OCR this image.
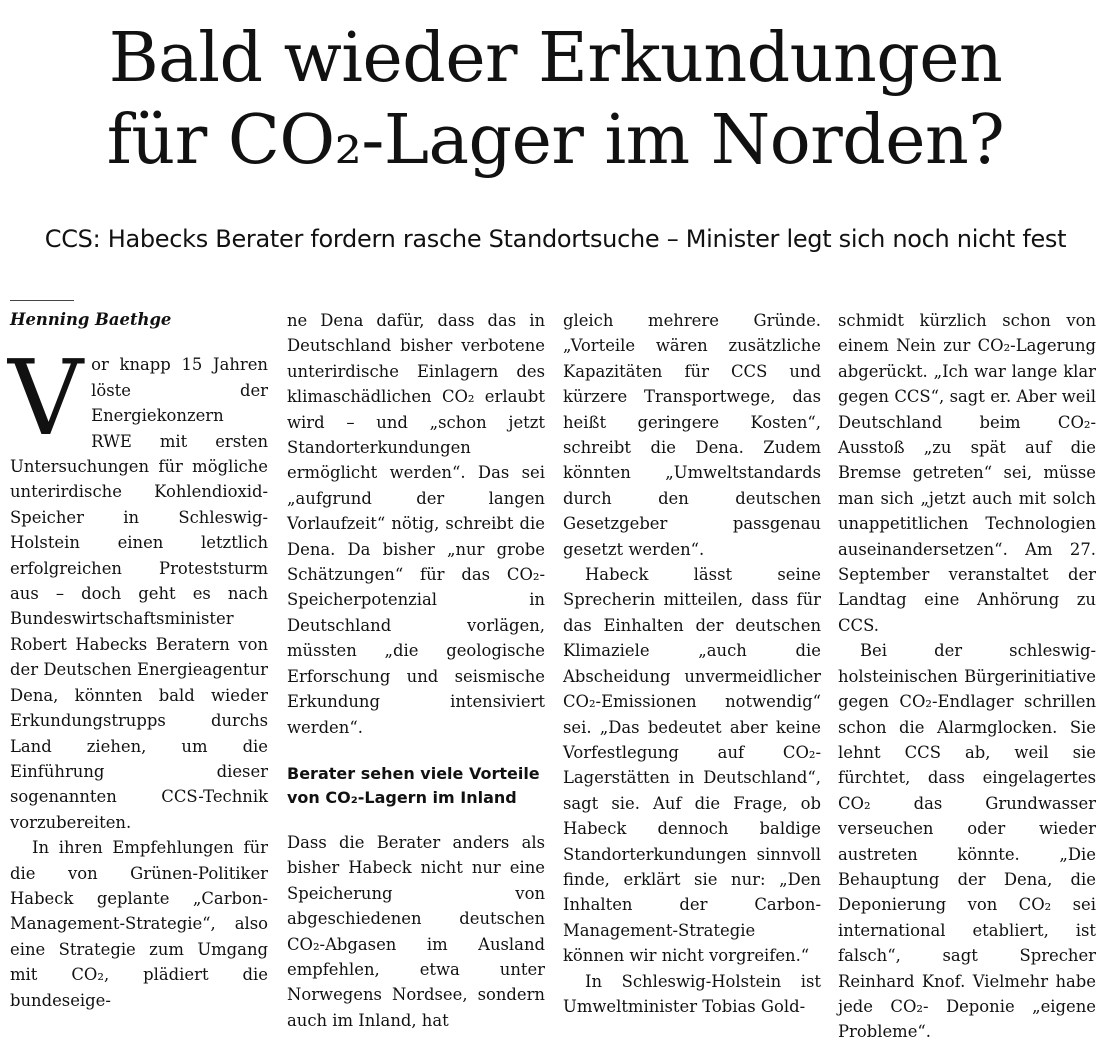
Bald wieder Erkundungen
für CO₂-Lager im Norden?
CCS: Habecks Berater fordern rasche Standortsuche – Minister legt sich noch nicht fest

Henning Baethge

Vor knapp 15 Jahren löste der Energiekonzern RWE mit ersten Untersuchungen für mögliche unterirdische Kohlendioxid-Speicher in Schleswig-Holstein einen letztlich erfolgreichen Proteststurm aus – doch geht es nach Bundeswirtschaftsminister Robert Habecks Beratern von der Deutschen Energieagentur Dena, könnten bald wieder Erkundungstrupps durchs Land ziehen, um die Einführung dieser sogenannten CCS-Technik vorzubereiten.

In ihren Empfehlungen für die von Grünen-Politiker Habeck geplante „Carbon-Management-Strategie“, also eine Strategie zum Umgang mit CO₂, plädiert die bundeseige-

ne Dena dafür, dass das in Deutschland bisher verbotene unterirdische Einlagern des klimaschädlichen CO₂ erlaubt wird – und „schon jetzt Standorterkundungen ermöglicht werden“. Das sei „aufgrund der langen Vorlaufzeit“ nötig, schreibt die Dena. Da bisher „nur grobe Schätzungen“ für das CO₂-Speicherpotenzial in Deutschland vorlägen, müssten „die geologische Erforschung und seismische Erkundung intensiviert werden“.

Berater sehen viele Vorteile von CO₂-Lagern im Inland

Dass die Berater anders als bisher Habeck nicht nur eine Speicherung von abgeschiedenen deutschen CO₂-Abgasen im Ausland empfehlen, etwa unter Norwegens Nordsee, sondern auch im Inland, hat

gleich mehrere Gründe. „Vorteile wären zusätzliche Kapazitäten für CCS und kürzere Transportwege, das heißt geringere Kosten“, schreibt die Dena. Zudem könnten „Umweltstandards durch den deutschen Gesetzgeber passgenau gesetzt werden“.

Habeck lässt seine Sprecherin mitteilen, dass für das Einhalten der deutschen Klimaziele „auch die Abscheidung unvermeidlicher CO₂-Emissionen notwendig“ sei. „Das bedeutet aber keine Vorfestlegung auf CO₂-Lagerstätten in Deutschland“, sagt sie. Auf die Frage, ob Habeck dennoch baldige Standorterkundungen sinnvoll finde, erklärt sie nur: „Den Inhalten der Carbon-Management-Strategie können wir nicht vorgreifen.“

In Schleswig-Holstein ist Umweltminister Tobias Gold-

schmidt kürzlich schon von einem Nein zur CO₂-Lagerung abgerückt. „Ich war lange klar gegen CCS“, sagt er. Aber weil Deutschland beim CO₂-Ausstoß „zu spät auf die Bremse getreten“ sei, müsse man sich „jetzt auch mit solch unappetitlichen Technologien auseinandersetzen“. Am 27. September veranstaltet der Landtag eine Anhörung zu CCS.

Bei der schleswig-holsteinischen Bürgerinitiative gegen CO₂-Endlager schrillen schon die Alarmglocken. Sie lehnt CCS ab, weil sie fürchtet, dass eingelagertes CO₂ das Grundwasser verseuchen oder wieder austreten könnte. „Die Behauptung der Dena, die Deponierung von CO₂ sei international etabliert, ist falsch“, sagt Sprecher Reinhard Knof. Vielmehr habe jede CO₂- Deponie „eigene Probleme“.
